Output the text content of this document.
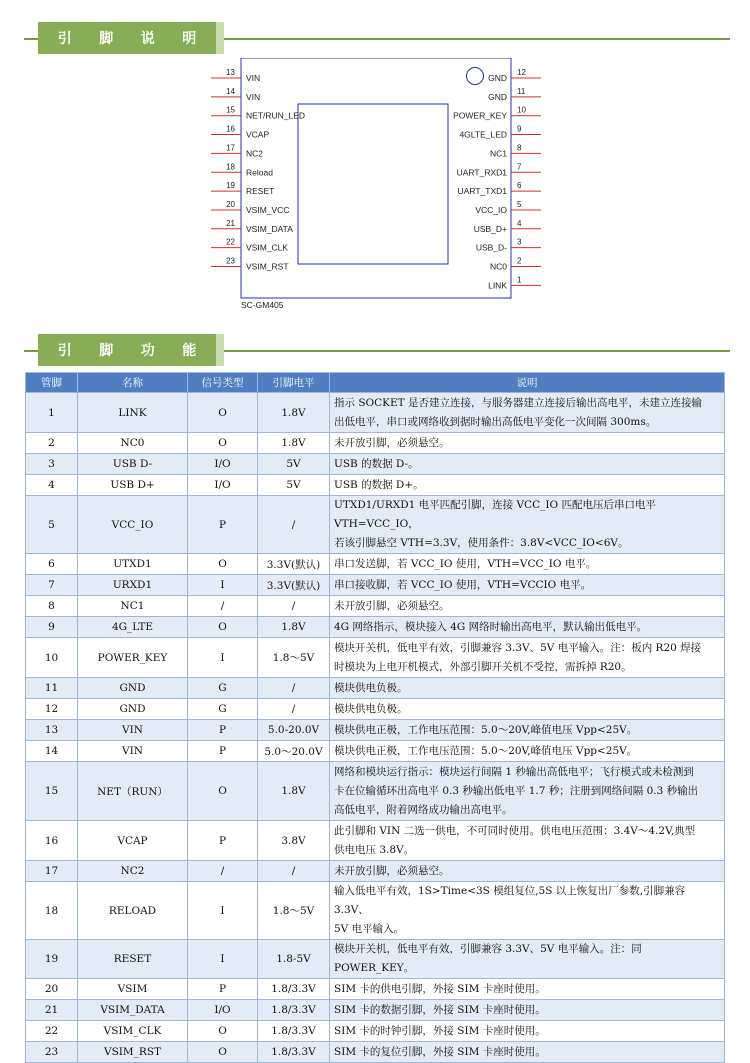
引 脚 说 明
13
VIN
14
VIN
15
NET/RUN_LED
16
VCAP
17
NC2
18
Reload
19
RESET
20
VSIM_VCC
21
VSIM_DATA
22
VSIM_CLK
23
VSIM_RST
12
GND
11
GND
10
POWER_KEY
9
4GLTE_LED
8
NC1
7
UART_RXD1
6
UART_TXD1
5
VCC_IO
4
USB_D+
3
USB_D-
2
NC0
1
LINK
SC-GM405
引 脚 功 能
管脚	名称	信号类型	引脚电平	说明
1	LINK	O	1.8V	指示 SOCKET 是否建立连接，与服务器建立连接后输出高电平，未建立连接输
出低电平，串口或网络收到据时输出高低电平变化一次间隔 300ms。

2	NC0	O	1.8V	未开放引脚，必须悬空。

3	USB D-	I/O	5V	USB 的数据 D-。

4	USB D+	I/O	5V	USB 的数据 D+。

5	VCC_IO	P	/	UTXD1/URXD1 电平匹配引脚，连接 VCC_IO 匹配电压后串口电平 VTH=VCC_IO，
若该引脚悬空 VTH=3.3V，使用条件：3.8V<VCC_IO<6V。

6	UTXD1	O	3.3V(默认)	串口发送脚，若 VCC_IO 使用，VTH=VCC_IO 电平。

7	URXD1	I	3.3V(默认)	串口接收脚，若 VCC_IO 使用，VTH=VCCIO 电平。

8	NC1	/	/	未开放引脚，必须悬空。

9	4G_LTE	O	1.8V	4G 网络指示，模块接入 4G 网络时输出高电平，默认输出低电平。

10	POWER_KEY	I	1.8～5V	模块开关机，低电平有效，引脚兼容 3.3V、5V 电平输入。注：板内 R20 焊接
时模块为上电开机模式，外部引脚开关机不受控，需拆掉 R20。

11	GND	G	/	模块供电负极。

12	GND	G	/	模块供电负极。

13	VIN	P	5.0-20.0V	模块供电正极，工作电压范围：5.0～20V,峰值电压 Vpp<25V。

14	VIN	P	5.0～20.0V	模块供电正极，工作电压范围：5.0～20V,峰值电压 Vpp<25V。

15	NET（RUN）	O	1.8V	网络和模块运行指示：模块运行间隔 1 秒输出高低电平；飞行模式或未检测到
卡在位输循环出高电平 0.3 秒输出低电平 1.7 秒；注册到网络间隔 0.3 秒输出
高低电平，附着网络成功输出高电平。

16	VCAP	P	3.8V	此引脚和 VIN 二选一供电，不可同时使用。供电电压范围：3.4V～4.2V,典型
供电电压 3.8V。

17	NC2	/	/	未开放引脚，必须悬空。

18	RELOAD	I	1.8～5V	输入低电平有效，1S>Time<3S 模组复位,5S 以上恢复出厂参数,引脚兼容 3.3V、
5V 电平输入。

19	RESET	I	1.8-5V	模块开关机，低电平有效，引脚兼容 3.3V、5V 电平输入。注：同 POWER_KEY。

20	VSIM	P	1.8/3.3V	SIM 卡的供电引脚，外接 SIM 卡座时使用。

21	VSIM_DATA	I/O	1.8/3.3V	SIM 卡的数据引脚，外接 SIM 卡座时使用。

22	VSIM_CLK	O	1.8/3.3V	SIM 卡的时钟引脚，外接 SIM 卡座时使用。

23	VSIM_RST	O	1.8/3.3V	SIM 卡的复位引脚，外接 SIM 卡座时使用。
